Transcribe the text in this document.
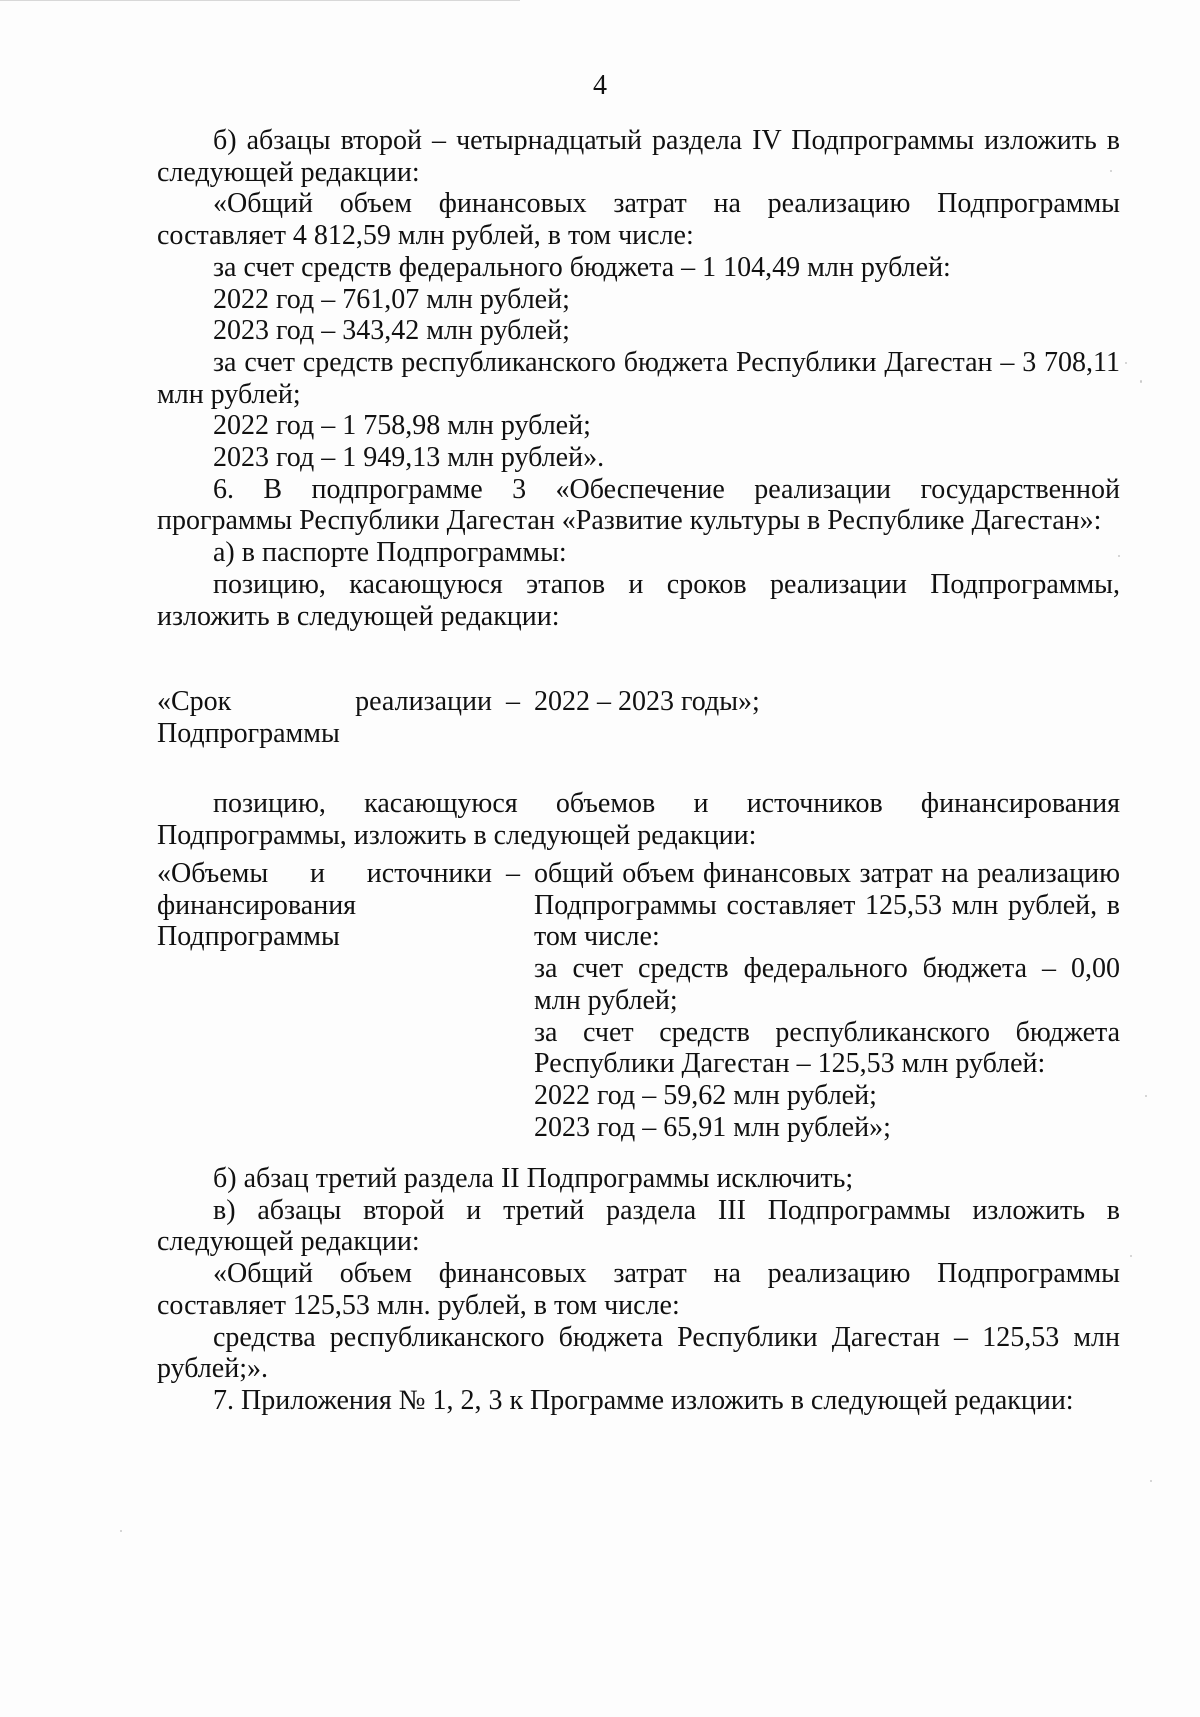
4

б) абзацы второй – четырнадцатый раздела IV Подпрограммы изложить в следующей редакции:

«Общий объем финансовых затрат на реализацию Подпрограммы составляет 4 812,59 млн рублей, в том числе:

за счет средств федерального бюджета – 1 104,49 млн рублей:

2022 год – 761,07 млн рублей;

2023 год – 343,42 млн рублей;

за счет средств республиканского бюджета Республики Дагестан – 3 708,11 млн рублей;

2022 год – 1 758,98 млн рублей;

2023 год – 1 949,13 млн рублей».

6. В подпрограмме 3 «Обеспечение реализации государственной программы Республики Дагестан «Развитие культуры в Республике Дагестан»:

а) в паспорте Подпрограммы:

позицию, касающуюся этапов и сроков реализации Подпрограммы, изложить в следующей редакции:

«Срок реализации Подпрограммы
– 2022 – 2023 годы»;

позицию, касающуюся объемов и источников финансирования Подпрограммы, изложить в следующей редакции:

«Объемы и источники финансирования Подпрограммы
– общий объем финансовых затрат на реализацию Подпрограммы составляет 125,53 млн рублей, в том числе:

за счет средств федерального бюджета – 0,00 млн рублей;

за счет средств республиканского бюджета Республики Дагестан – 125,53 млн рублей:

2022 год – 59,62 млн рублей;

2023 год – 65,91 млн рублей»;

б) абзац третий раздела II Подпрограммы исключить;

в) абзацы второй и третий раздела III Подпрограммы изложить в следующей редакции:

«Общий объем финансовых затрат на реализацию Подпрограммы составляет 125,53 млн. рублей, в том числе:

средства республиканского бюджета Республики Дагестан – 125,53 млн рублей;».

7. Приложения № 1, 2, 3 к Программе изложить в следующей редакции:
